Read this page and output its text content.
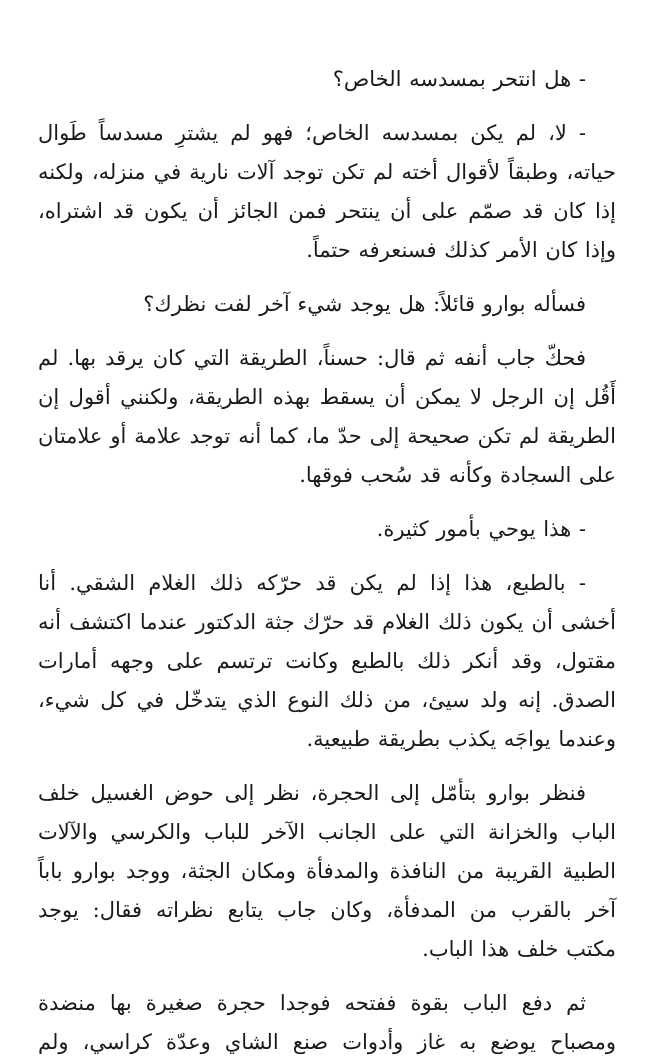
- هل انتحر بمسدسه الخاص؟

- لا، لم يكن بمسدسه الخاص؛ فهو لم يشترِ مسدساً طَوال حياته، وطبقاً لأقوال أخته لم تكن توجد آلات نارية في منزله، ولكنه إذا كان قد صمّم على أن ينتحر فمن الجائز أن يكون قد اشتراه، وإذا كان الأمر كذلك فسنعرفه حتماً.

فسأله بوارو قائلاً: هل يوجد شيء آخر لفت نظرك؟

فحكّ جاب أنفه ثم قال: حسناً، الطريقة التي كان يرقد بها. لم أَقُل إن الرجل لا يمكن أن يسقط بهذه الطريقة، ولكنني أقول إن الطريقة لم تكن صحيحة إلى حدّ ما، كما أنه توجد علامة أو علامتان على السجادة وكأنه قد سُحب فوقها.

- هذا يوحي بأمور كثيرة.

- بالطبع، هذا إذا لم يكن قد حرّكه ذلك الغلام الشقي. أنا أخشى أن يكون ذلك الغلام قد حرّك جثة الدكتور عندما اكتشف أنه مقتول، وقد أنكر ذلك بالطبع وكانت ترتسم على وجهه أمارات الصدق. إنه ولد سيئ، من ذلك النوع الذي يتدخّل في كل شيء، وعندما يواجَه يكذب بطريقة طبيعية.

فنظر بوارو بتأمّل إلى الحجرة، نظر إلى حوض الغسيل خلف الباب والخزانة التي على الجانب الآخر للباب والكرسي والآلات الطبية القريبة من النافذة والمدفأة ومكان الجثة، ووجد بوارو باباً آخر بالقرب من المدفأة، وكان جاب يتابع نظراته فقال: يوجد مكتب خلف هذا الباب.

ثم دفع الباب بقوة ففتحه فوجدا حجرة صغيرة بها منضدة ومصباح يوضع به غاز وأدوات صنع الشاي وعدّة كراسي، ولم
